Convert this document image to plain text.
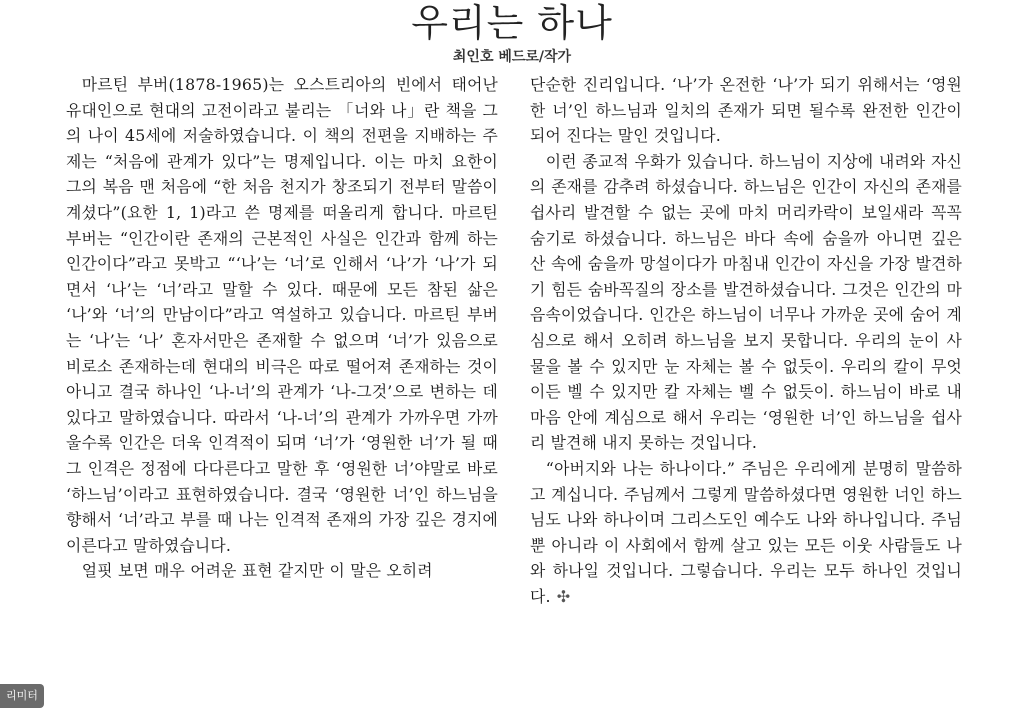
우리는 하나
최인호 베드로/작가

마르틴 부버(1878-1965)는 오스트리아의 빈에서 태어난 유대인으로 현대의 고전이라고 불리는 「너와 나」란 책을 그의 나이 45세에 저술하였습니다. 이 책의 전편을 지배하는 주제는 “처음에 관계가 있다”는 명제입니다. 이는 마치 요한이 그의 복음 맨 처음에 “한 처음 천지가 창조되기 전부터 말씀이 계셨다”(요한 1, 1)라고 쓴 명제를 떠올리게 합니다. 마르틴 부버는 “인간이란 존재의 근본적인 사실은 인간과 함께 하는 인간이다”라고 못박고 “‘나’는 ‘너’로 인해서 ‘나’가 ‘나’가 되면서 ‘나’는 ‘너’라고 말할 수 있다. 때문에 모든 참된 삶은 ‘나’와 ‘너’의 만남이다”라고 역설하고 있습니다. 마르틴 부버는 ‘나’는 ‘나’ 혼자서만은 존재할 수 없으며 ‘너’가 있음으로 비로소 존재하는데 현대의 비극은 따로 떨어져 존재하는 것이 아니고 결국 하나인 ‘나-너’의 관계가 ‘나-그것’으로 변하는 데 있다고 말하였습니다. 따라서 ‘나-너’의 관계가 가까우면 가까울수록 인간은 더욱 인격적이 되며 ‘너’가 ‘영원한 너’가 될 때 그 인격은 정점에 다다른다고 말한 후 ‘영원한 너’야말로 바로 ‘하느님’이라고 표현하였습니다. 결국 ‘영원한 너’인 하느님을 향해서 ‘너’라고 부를 때 나는 인격적 존재의 가장 깊은 경지에 이른다고 말하였습니다.

얼핏 보면 매우 어려운 표현 같지만 이 말은 오히려

단순한 진리입니다. ‘나’가 온전한 ‘나’가 되기 위해서는 ‘영원한 너’인 하느님과 일치의 존재가 되면 될수록 완전한 인간이 되어 진다는 말인 것입니다.

이런 종교적 우화가 있습니다. 하느님이 지상에 내려와 자신의 존재를 감추려 하셨습니다. 하느님은 인간이 자신의 존재를 쉽사리 발견할 수 없는 곳에 마치 머리카락이 보일새라 꼭꼭 숨기로 하셨습니다. 하느님은 바다 속에 숨을까 아니면 깊은 산 속에 숨을까 망설이다가 마침내 인간이 자신을 가장 발견하기 힘든 숨바꼭질의 장소를 발견하셨습니다. 그것은 인간의 마음속이었습니다. 인간은 하느님이 너무나 가까운 곳에 숨어 계심으로 해서 오히려 하느님을 보지 못합니다. 우리의 눈이 사물을 볼 수 있지만 눈 자체는 볼 수 없듯이. 우리의 칼이 무엇이든 벨 수 있지만 칼 자체는 벨 수 없듯이. 하느님이 바로 내 마음 안에 계심으로 해서 우리는 ‘영원한 너’인 하느님을 쉽사리 발견해 내지 못하는 것입니다.

“아버지와 나는 하나이다.” 주님은 우리에게 분명히 말씀하고 계십니다. 주님께서 그렇게 말씀하셨다면 영원한 너인 하느님도 나와 하나이며 그리스도인 예수도 나와 하나입니다. 주님뿐 아니라 이 사회에서 함께 살고 있는 모든 이웃 사람들도 나와 하나일 것입니다. 그렇습니다. 우리는 모두 하나인 것입니다. ✣

리미터
